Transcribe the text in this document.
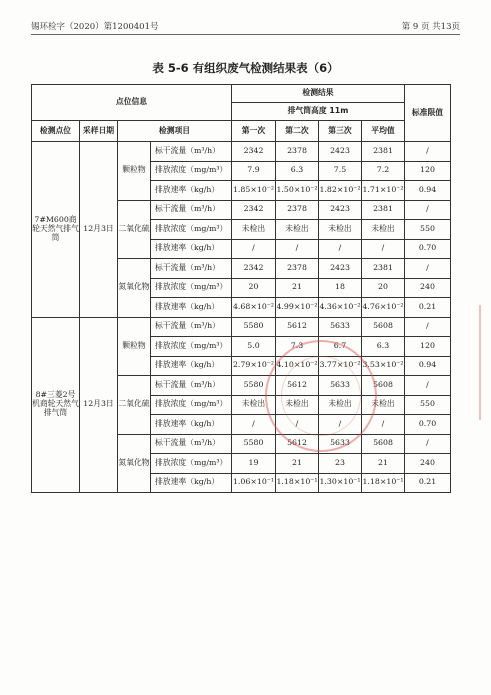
锡环检字（2020）第1200401号	第 9 页 共13页
表 5-6 有组织废气检测结果表（6）
点位信息				检测结果				标准限值
				排气筒高度 11m				
检测点位	采样日期	检测项目		第一次	第二次	第三次	平均值	
7#M600商轮天然气排气筒	12月3日	颗粒物	标干流量（m³/h）	2342	2378	2423	2381	/
			排放浓度（mg/m³）	7.9	6.3	7.5	7.2	120
			排放速率（kg/h）	1.85×10⁻²	1.50×10⁻²	1.82×10⁻²	1.71×10⁻²	0.94
		二氧化硫	标干流量（m³/h）	2342	2378	2423	2381	/
			排放浓度（mg/m³）	未检出	未检出	未检出	未检出	550
			排放速率（kg/h）	/	/	/	/	0.70
		氮氧化物	标干流量（m³/h）	2342	2378	2423	2381	/
			排放浓度（mg/m³）	20	21	18	20	240
			排放速率（kg/h）	4.68×10⁻²	4.99×10⁻²	4.36×10⁻²	4.76×10⁻²	0.21
8#三菱2号机商轮天然气排气筒	12月3日	颗粒物	标干流量（m³/h）	5580	5612	5633	5608	/
			排放浓度（mg/m³）	5.0	7.3	6.7	6.3	120
			排放速率（kg/h）	2.79×10⁻²	4.10×10⁻²	3.77×10⁻²	3.53×10⁻²	0.94
		二氧化硫	标干流量（m³/h）	5580	5612	5633	5608	/
			排放浓度（mg/m³）	未检出	未检出	未检出	未检出	550
			排放速率（kg/h）	/	/	/	/	0.70
		氮氧化物	标干流量（m³/h）	5580	5612	5633	5608	/
			排放浓度（mg/m³）	19	21	23	21	240
			排放速率（kg/h）	1.06×10⁻¹	1.18×10⁻¹	1.30×10⁻¹	1.18×10⁻¹	0.21
